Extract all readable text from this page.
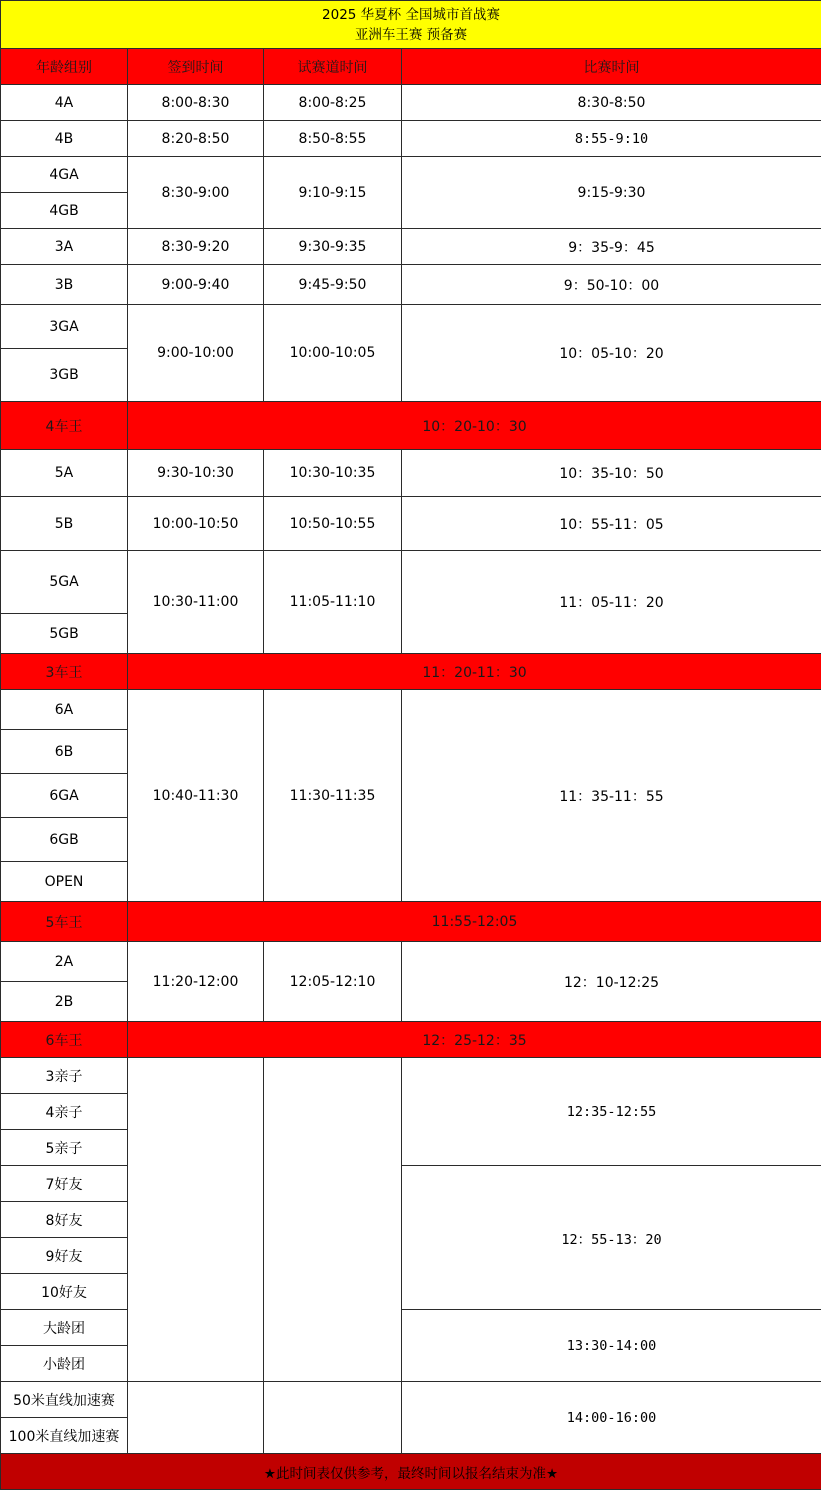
2025 华夏杯 全国城市首战赛
亚洲车王赛 预备赛			

年龄组别	签到时间	试赛道时间	比赛时间
4A	8:00-8:30	8:00-8:25	8:30-8:50
4B	8:20-8:50	8:50-8:55	8:55-9:10
4GA	8:30-9:00	9:10-9:15	9:15-9:30
4GB			
3A	8:30-9:20	9:30-9:35	9：35-9：45
3B	9:00-9:40	9:45-9:50	9：50-10：00
3GA	9:00-10:00	10:00-10:05	10：05-10：20
3GB			
4车王	10：20-10：30		
5A	9:30-10:30	10:30-10:35	10：35-10：50
5B	10:00-10:50	10:50-10:55	10：55-11：05
5GA	10:30-11:00	11:05-11:10	11：05-11：20
5GB			
3车王	11：20-11：30		
6A	10:40-11:30	11:30-11:35	11：35-11：55
6B			
6GA			
6GB			
OPEN			
5车王	11:55-12:05		
2A	11:20-12:00	12:05-12:10	12：10-12:25
2B			
6车王	12：25-12：35		
3亲子			12:35-12:55
4亲子			
5亲子			
7好友			12：55-13：20
8好友			
9好友			
10好友			
大龄团			13:30-14:00
小龄团			
50米直线加速赛			14:00-16:00
100米直线加速赛			
★此时间表仅供参考，最终时间以报名结束为准★			
